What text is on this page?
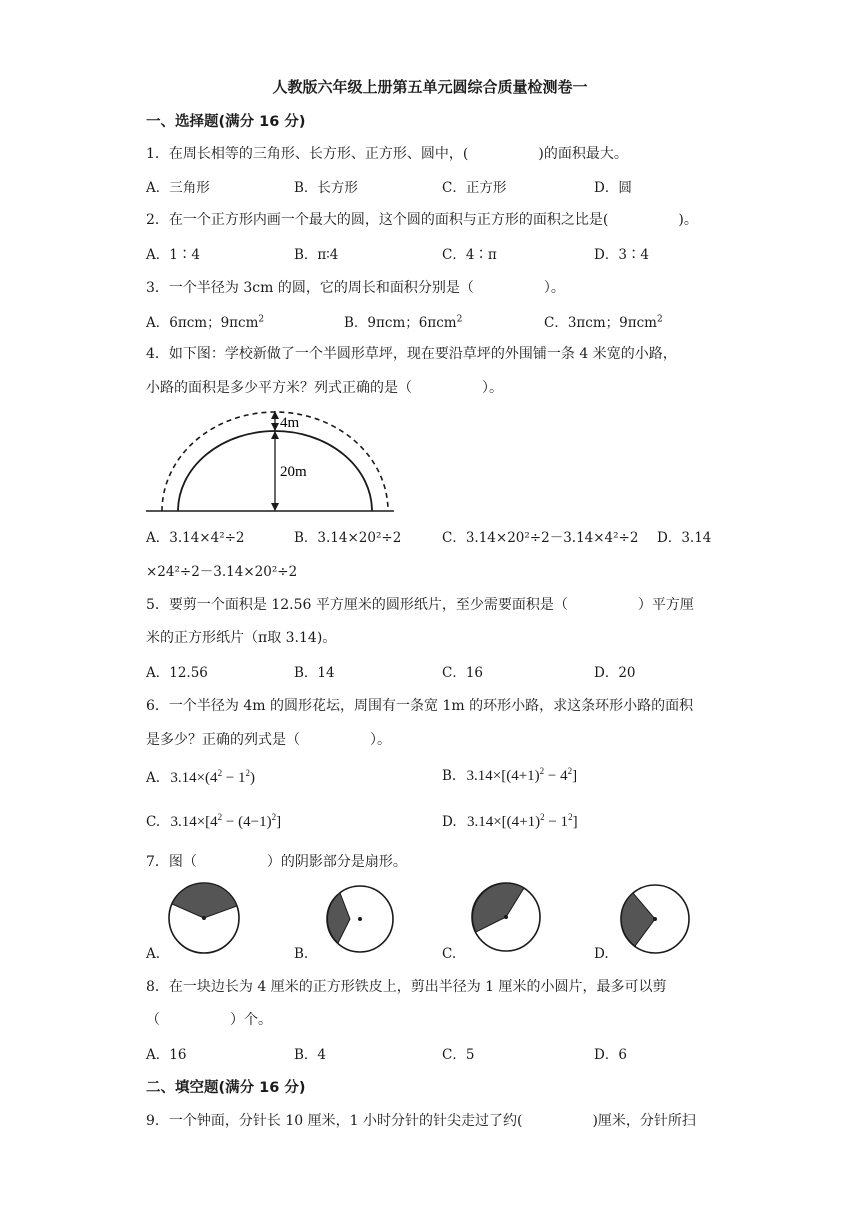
人教版六年级上册第五单元圆综合质量检测卷一
一、选择题(满分 16 分)
1．在周长相等的三角形、长方形、正方形、圆中，(　　　　　)的面积最大。
A．三角形	B．长方形	C．正方形	D．圆
2．在一个正方形内画一个最大的圆，这个圆的面积与正方形的面积之比是(　　　　　)。
A．1∶4	B．π∶4	C．4∶π	D．3∶4
3．一个半径为 3cm 的圆，它的周长和面积分别是（　　　　　）。
A．6πcm；9πcm$^2$	B．9πcm；6πcm$^2$	C．3πcm；9πcm$^2$
4．如下图：学校新做了一个半圆形草坪，现在要沿草坪的外围铺一条 4 米宽的小路，
小路的面积是多少平方米？列式正确的是（　　　　　）。
4m
20m
A．3.14×4²÷2	B．3.14×20²÷2	C．3.14×20²÷2－3.14×4²÷2 D．3.14
×24²÷2－3.14×20²÷2
5．要剪一个面积是 12.56 平方厘米的圆形纸片，至少需要面积是（　　　　　）平方厘
米的正方形纸片（π取 3.14)。
A．12.56	B．14	C．16	D．20
6．一个半径为 4m 的圆形花坛，周围有一条宽 1m 的环形小路，求这条环形小路的面积
是多少？正确的列式是（　　　　　）。
A. $3.14\times(4^2 - 1^2)$	B. $3.14\times[(4+1)^2 - 4^2]$
C. $3.14\times[4^2 - (4-1)^2]$	D. $3.14\times[(4+1)^2 - 1^2]$
7．图（　　　　　）的阴影部分是扇形。
A.	B.	C.	D.
8．在一块边长为 4 厘米的正方形铁皮上，剪出半径为 1 厘米的小圆片，最多可以剪
（　　　　　）个。
A．16	B．4	C．5	D．6
二、填空题(满分 16 分)
9．一个钟面，分针长 10 厘米，1 小时分针的针尖走过了约(　　　　　)厘米，分针所扫
